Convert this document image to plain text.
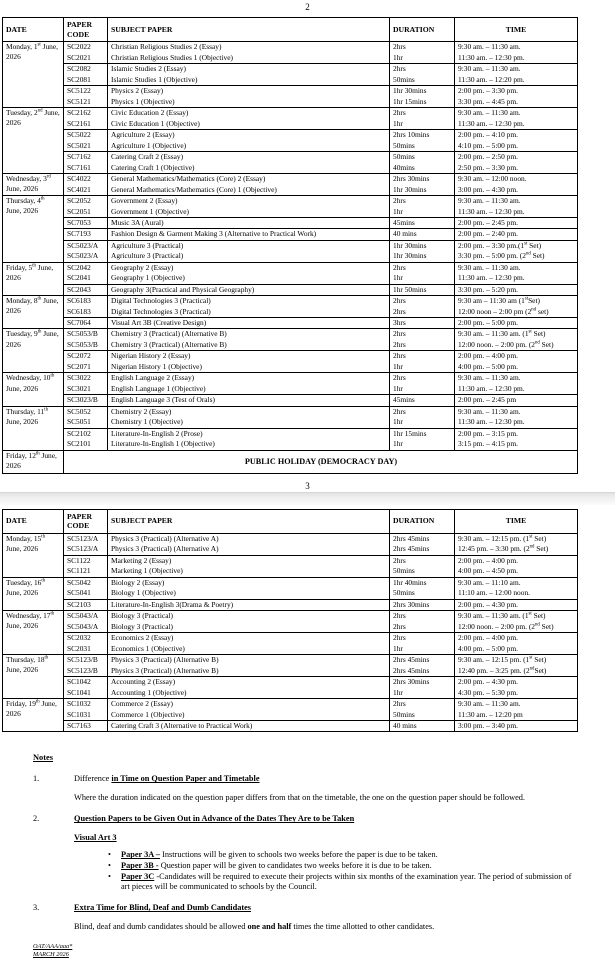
2
DATE	PAPER CODE	SUBJECT PAPER	DURATION	TIME
Monday, 1st June, 2026	SC2022	Christian Religious Studies 2 (Essay)	2hrs	9:30 am. – 11:30 am.
	SC2021	Christian Religious Studies 1 (Objective)	1hr	11:30 am. – 12:30 pm.
	SC2082	Islamic Studies 2 (Essay)	2hrs	9:30 am. – 11:30 am.
	SC2081	Islamic Studies 1 (Objective)	50mins	11:30 am. – 12:20 pm.
	SC5122	Physics 2 (Essay)	1hr 30mins	2:00 pm. – 3:30 pm.
	SC5121	Physics 1 (Objective)	1hr 15mins	3:30 pm. – 4:45 pm.
Tuesday, 2nd June, 2026	SC2162	Civic Education 2 (Essay)	2hrs	9:30 am. – 11:30 am.
	SC2161	Civic Education 1 (Objective)	1hr	11:30 am. – 12:30 pm.
	SC5022	Agriculture 2 (Essay)	2hrs 10mins	2:00 pm. – 4:10 pm.
	SC5021	Agriculture 1 (Objective)	50mins	4:10 pm. – 5:00 pm.
	SC7162	Catering Craft 2 (Essay)	50mins	2:00 pm. – 2:50 pm.
	SC7161	Catering Craft 1 (Objective)	40mins	2:50 pm. – 3:30 pm.
Wednesday, 3rd June, 2026	SC4022	General Mathematics/Mathematics (Core) 2 (Essay)	2hrs 30mins	9:30 am. – 12:00 noon.
	SC4021	General Mathematics/Mathematics (Core) 1 (Objective)	1hr 30mins	3:00 pm. – 4:30 pm.
Thursday, 4th June, 2026	SC2052	Government 2 (Essay)	2hrs	9:30 am. – 11:30 am.
	SC2051	Government 1 (Objective)	1hr	11:30 am. – 12:30 pm.
	SC7053	Music 3A (Aural)	45mins	2:00 pm. – 2:45 pm.
	SC7193	Fashion Design & Garment Making 3 (Alternative to Practical Work)	40 mins	2:00 pm. – 2:40 pm.
	SC5023/A	Agriculture 3 (Practical)	1hr 30mins	2:00 pm. – 3:30 pm.(1st Set)
	SC5023/A	Agriculture 3 (Practical)	1hr 30mins	3:30 pm. – 5:00 pm. (2nd Set)
Friday, 5th June, 2026	SC2042	Geography 2 (Essay)	2hrs	9:30 am. – 11:30 am.
	SC2041	Geography 1 (Objective)	1hr	11:30 am. – 12:30 pm.
	SC2043	Geography 3(Practical and Physical Geography)	1hr 50mins	3:30 pm. – 5:20 pm.
Monday, 8th June, 2026	SC6183	Digital Technologies 3 (Practical)	2hrs	9:30 am – 11:30 am (1stSet)
	SC6183	Digital Technologies 3 (Practical)	2hrs	12:00 noon – 2:00 pm (2nd set)
	SC7064	Visual Art 3B (Creative Design)	3hrs	2:00 pm. – 5:00 pm.
Tuesday, 9th June, 2026	SC5053/B	Chemistry 3 (Practical) (Alternative B)	2hrs	9:30 am. – 11:30 am. (1st Set)
	SC5053/B	Chemistry 3 (Practical) (Alternative B)	2hrs	12:00 noon. – 2:00 pm. (2nd Set)
	SC2072	Nigerian History 2 (Essay)	2hrs	2:00 pm. – 4:00 pm.
	SC2071	Nigerian History 1 (Objective)	1hr	4:00 pm. – 5:00 pm.
Wednesday, 10th June, 2026	SC3022	English Language 2 (Essay)	2hrs	9:30 am. – 11:30 am.
	SC3021	English Language 1 (Objective)	1hr	11:30 am. – 12:30 pm.
	SC3023/B	English Language 3 (Test of Orals)	45mins	2:00 pm. – 2:45 pm
Thursday, 11th June, 2026	SC5052	Chemistry 2 (Essay)	2hrs	9:30 am. – 11:30 am.
	SC5051	Chemistry 1 (Objective)	1hr	11:30 am. – 12:30 pm.
	SC2102	Literature-In-English 2 (Prose)	1hr 15mins	2:00 pm. – 3:15 pm.
	SC2101	Literature-In-English 1 (Objective)	1hr	3:15 pm. – 4:15 pm.
Friday, 12th June, 2026	PUBLIC HOLIDAY (DEMOCRACY DAY)			
3
DATE	PAPER CODE	SUBJECT PAPER	DURATION	TIME
Monday, 15th June, 2026	SC5123/A	Physics 3 (Practical) (Alternative A)	2hrs 45mins	9:30 am. – 12:15 pm. (1st Set)
	SC5123/A	Physics 3 (Practical) (Alternative A)	2hrs 45mins	12:45 pm. – 3:30 pm. (2nd Set)
	SC1122	Marketing 2 (Essay)	2hrs	2:00 pm. – 4:00 pm.
	SC1121	Marketing 1 (Objective)	50mins	4:00 pm. – 4:50 pm.
Tuesday, 16th June, 2026	SC5042	Biology 2 (Essay)	1hr 40mins	9:30 am. – 11:10 am.
	SC5041	Biology 1 (Objective)	50mins	11:10 am. – 12:00 noon.
	SC2103	Literature-In-English 3(Drama & Poetry)	2hrs 30mins	2:00 pm. – 4:30 pm.
Wednesday, 17th June, 2026	SC5043/A	Biology 3 (Practical)	2hrs	9:30 am. – 11:30 am. (1st Set)
	SC5043/A	Biology 3 (Practical)	2hrs	12:00 noon. – 2:00 pm. (2nd Set)
	SC2032	Economics 2 (Essay)	2hrs	2:00 pm. – 4:00 pm.
	SC2031	Economics 1 (Objective)	1hr	4:00 pm. – 5:00 pm.
Thursday, 18th June, 2026	SC5123/B	Physics 3 (Practical) (Alternative B)	2hrs 45mins	9:30 am. – 12:15 pm. (1st Set)
	SC5123/B	Physics 3 (Practical) (Alternative B)	2hrs 45mins	12:40 pm. – 3:25 pm. (2ndSet)
	SC1042	Accounting 2 (Essay)	2hrs 30mins	2:00 pm. – 4:30 pm.
	SC1041	Accounting 1 (Objective)	1hr	4:30 pm. – 5:30 pm.
Friday, 19th June, 2026	SC1032	Commerce 2 (Essay)	2hrs	9:30 am. – 11:30 am.
	SC1031	Commerce 1 (Objective)	50mins	11:30 am. – 12:20 pm
	SC7163	Catering Craft 3 (Alternative to Practical Work)	40 mins	3:00 pm. – 3:40 pm.
Notes
1.	Difference in Time on Question Paper and Timetable
Where the duration indicated on the question paper differs from that on the timetable, the one on the question paper should be followed.
2.	Question Papers to be Given Out in Advance of the Dates They Are to be Taken
Visual Art 3
•	Paper 3A – Instructions will be given to schools two weeks before the paper is due to be taken.
•	Paper 3B - Question paper will be given to candidates two weeks before it is due to be taken.
•	Paper 3C -Candidates will be required to execute their projects within six months of the examination year. The period of submission of art pieces will be communicated to schools by the Council.
3.	Extra Time for Blind, Deaf and Dumb Candidates
Blind, deaf and dumb candidates should be allowed one and half times the time allotted to other candidates.
OAT/AAA/aaa*
MARCH 2026
